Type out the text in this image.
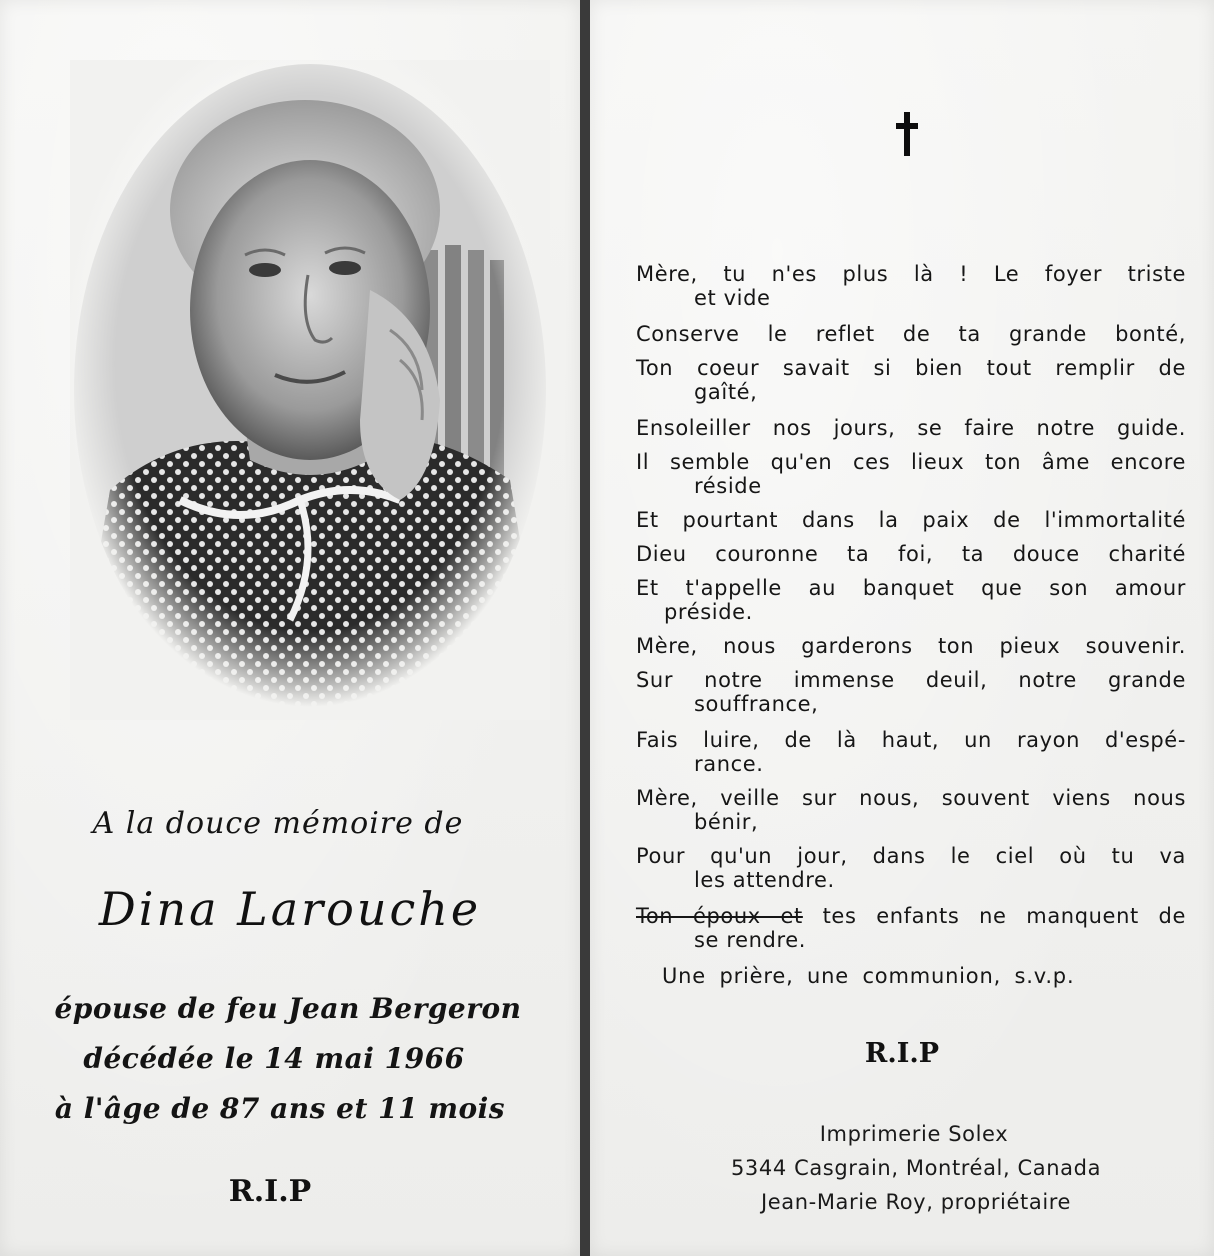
A la douce mémoire de
Dina Larouche
épouse de feu Jean Bergeron
décédée le 14 mai 1966
à l'âge de 87 ans et 11 mois
R.I.P
Mère, tu n'es plus là ! Le foyer triste
et vide
Conserve le reflet de ta grande bonté,
Ton coeur savait si bien tout remplir de
gaîté,
Ensoleiller nos jours, se faire notre guide.
Il semble qu'en ces lieux ton âme encore
réside
Et pourtant dans la paix de l'immortalité
Dieu couronne ta foi, ta douce charité
Et t'appelle au banquet que son amour
préside.
Mère, nous garderons ton pieux souvenir.
Sur notre immense deuil, notre grande
souffrance,
Fais luire, de là haut, un rayon d'espé-
rance.
Mère, veille sur nous, souvent viens nous
bénir,
Pour qu'un jour, dans le ciel où tu va
les attendre.
Ton époux et tes enfants ne manquent de
se rendre.
Une prière, une communion, s.v.p.
R.I.P
Imprimerie Solex
5344 Casgrain, Montréal, Canada
Jean-Marie Roy, propriétaire
